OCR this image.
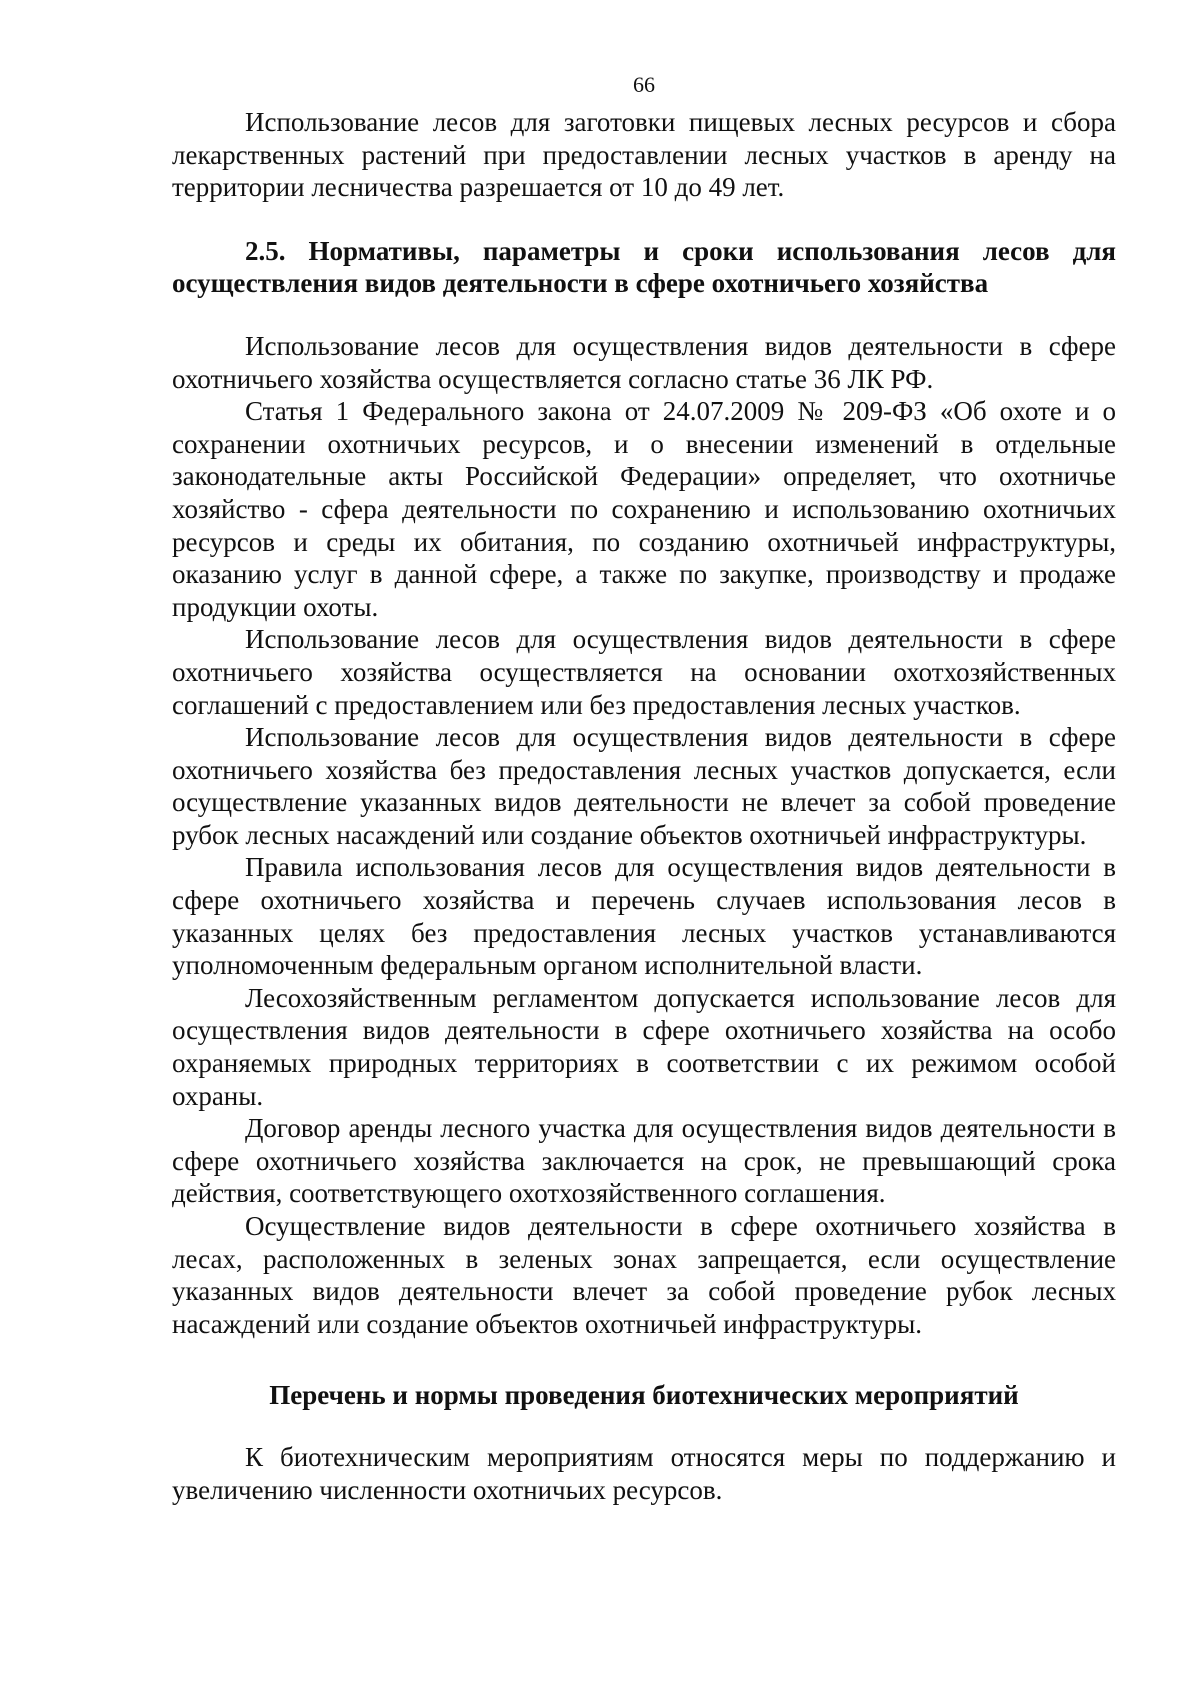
66

Использование лесов для заготовки пищевых лесных ресурсов и сбора лекарственных растений при предоставлении лесных участков в аренду на территории лесничества разрешается от 10 до 49 лет.

2.5. Нормативы, параметры и сроки использования лесов для осуществления видов деятельности в сфере охотничьего хозяйства

Использование лесов для осуществления видов деятельности в сфере охотничьего хозяйства осуществляется согласно статье 36 ЛК РФ.

Статья 1 Федерального закона от 24.07.2009 № 209-ФЗ «Об охоте и о сохранении охотничьих ресурсов, и о внесении изменений в отдельные законодательные акты Российской Федерации» определяет, что охотничье хозяйство - сфера деятельности по сохранению и использованию охотничьих ресурсов и среды их обитания, по созданию охотничьей инфраструктуры, оказанию услуг в данной сфере, а также по закупке, производству и продаже продукции охоты.

Использование лесов для осуществления видов деятельности в сфере охотничьего хозяйства осуществляется на основании охотхозяйственных соглашений с предоставлением или без предоставления лесных участков.

Использование лесов для осуществления видов деятельности в сфере охотничьего хозяйства без предоставления лесных участков допускается, если осуществление указанных видов деятельности не влечет за собой проведение рубок лесных насаждений или создание объектов охотничьей инфраструктуры.

Правила использования лесов для осуществления видов деятельности в сфере охотничьего хозяйства и перечень случаев использования лесов в указанных целях без предоставления лесных участков устанавливаются уполномоченным федеральным органом исполнительной власти.

Лесохозяйственным регламентом допускается использование лесов для осуществления видов деятельности в сфере охотничьего хозяйства на особо охраняемых природных территориях в соответствии с их режимом особой охраны.

Договор аренды лесного участка для осуществления видов деятельности в сфере охотничьего хозяйства заключается на срок, не превышающий срока действия, соответствующего охотхозяйственного соглашения.

Осуществление видов деятельности в сфере охотничьего хозяйства в лесах, расположенных в зеленых зонах запрещается, если осуществление указанных видов деятельности влечет за собой проведение рубок лесных насаждений или создание объектов охотничьей инфраструктуры.

Перечень и нормы проведения биотехнических мероприятий

К биотехническим мероприятиям относятся меры по поддержанию и увеличению численности охотничьих ресурсов.
